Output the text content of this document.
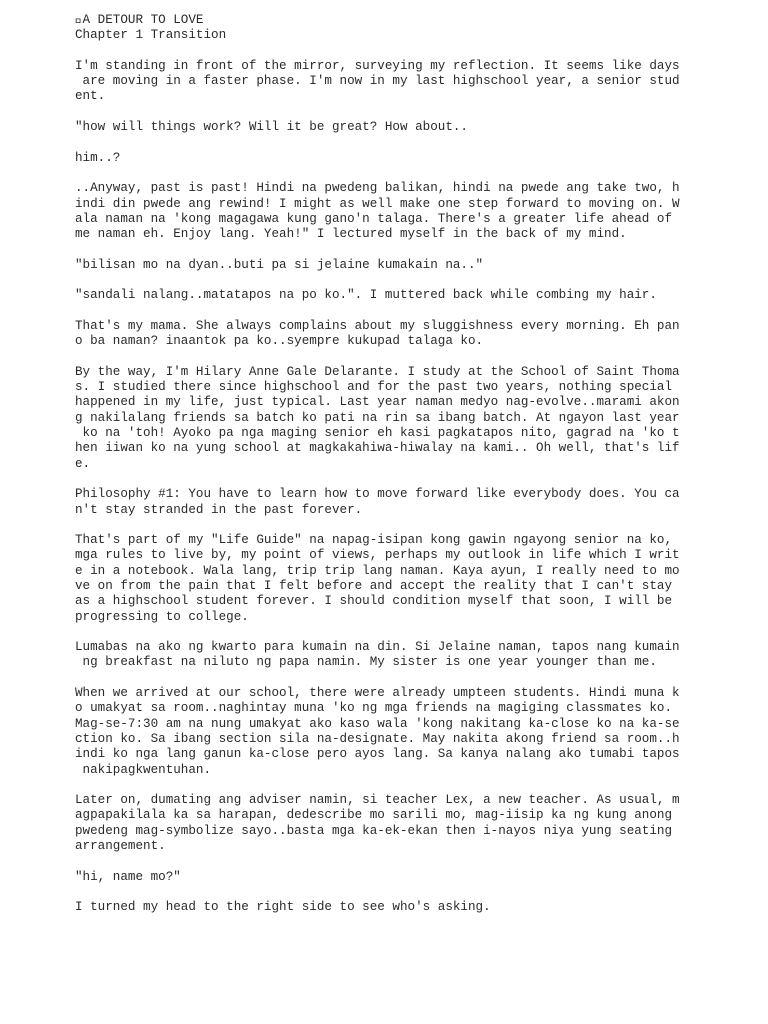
A DETOUR TO LOVE
Chapter 1 Transition
I'm standing in front of the mirror, surveying my reflection. It seems like days
are moving in a faster phase. I'm now in my last highschool year, a senior stud
ent.
"how will things work? Will it be great? How about..
him..?
..Anyway, past is past! Hindi na pwedeng balikan, hindi na pwede ang take two, h
indi din pwede ang rewind! I might as well make one step forward to moving on. W
ala naman na 'kong magagawa kung gano'n talaga. There's a greater life ahead of
me naman eh. Enjoy lang. Yeah!" I lectured myself in the back of my mind.
"bilisan mo na dyan..buti pa si jelaine kumakain na.."
"sandali nalang..matatapos na po ko.". I muttered back while combing my hair.
That's my mama. She always complains about my sluggishness every morning. Eh pan
o ba naman? inaantok pa ko..syempre kukupad talaga ko.
By the way, I'm Hilary Anne Gale Delarante. I study at the School of Saint Thoma
s. I studied there since highschool and for the past two years, nothing special
happened in my life, just typical. Last year naman medyo nag-evolve..marami akon
g nakilalang friends sa batch ko pati na rin sa ibang batch. At ngayon last year
ko na 'toh! Ayoko pa nga maging senior eh kasi pagkatapos nito, gagrad na 'ko t
hen iiwan ko na yung school at magkakahiwa-hiwalay na kami.. Oh well, that's lif
e.
Philosophy #1: You have to learn how to move forward like everybody does. You ca
n't stay stranded in the past forever.
That's part of my "Life Guide" na napag-isipan kong gawin ngayong senior na ko,
mga rules to live by, my point of views, perhaps my outlook in life which I writ
e in a notebook. Wala lang, trip trip lang naman. Kaya ayun, I really need to mo
ve on from the pain that I felt before and accept the reality that I can't stay
as a highschool student forever. I should condition myself that soon, I will be
progressing to college.
Lumabas na ako ng kwarto para kumain na din. Si Jelaine naman, tapos nang kumain
ng breakfast na niluto ng papa namin. My sister is one year younger than me.
When we arrived at our school, there were already umpteen students. Hindi muna k
o umakyat sa room..naghintay muna 'ko ng mga friends na magiging classmates ko.
Mag-se-7:30 am na nung umakyat ako kaso wala 'kong nakitang ka-close ko na ka-se
ction ko. Sa ibang section sila na-designate. May nakita akong friend sa room..h
indi ko nga lang ganun ka-close pero ayos lang. Sa kanya nalang ako tumabi tapos
nakipagkwentuhan.
Later on, dumating ang adviser namin, si teacher Lex, a new teacher. As usual, m
agpapakilala ka sa harapan, dedescribe mo sarili mo, mag-iisip ka ng kung anong
pwedeng mag-symbolize sayo..basta mga ka-ek-ekan then i-nayos niya yung seating
arrangement.
"hi, name mo?"
I turned my head to the right side to see who's asking.
